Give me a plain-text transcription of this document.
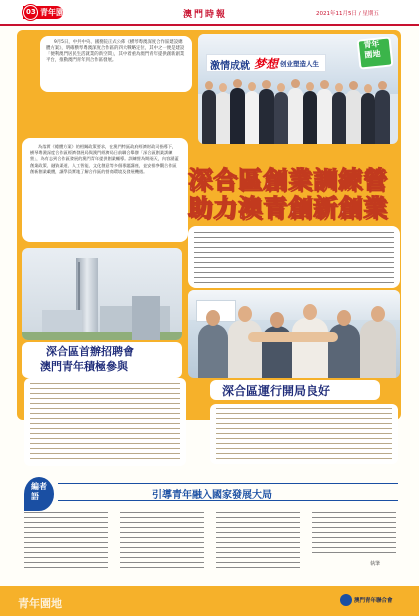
03 青年園地	澳門時報	2021年11月5日 / 星期五

9月5日，中共中央、國務院正式公佈《横琴粵澳深度合作區建設總體方案》，明確横琴粵澳深度合作區的四大戰略定位，其中之一便是建設「便利澳門居民生活就業的新空間」，其中着重為澳門青年提供創新創業平台，推動澳門青年到合作區發展。

激情成就 梦想 创业塑造人生
青年
園地

為落實《總體方案》的相關政策要求，在澳門特區政府經濟財政司指導下，横琴粵澳深度合作區經濟發展局與澳門經濟局日前聯合舉辦「深合區創業訓練營」，為有志到合作區發展的澳門青年提供創業輔導。訓練營為期兩天，內容涵蓋創業政策、融資渠道、人工智能、文化創意等多個專題講座，並安排參觀合作區創新創業載體，讓學員實地了解合作區的營商環境及發展機遇。	深合區創業訓練營
助力澳青創新創業
深合區首辦招聘會
澳門青年積極參與
深合區運行開局良好
編者
語	引導青年融入國家發展大局
執筆
青年園地	澳門青年聯合會
